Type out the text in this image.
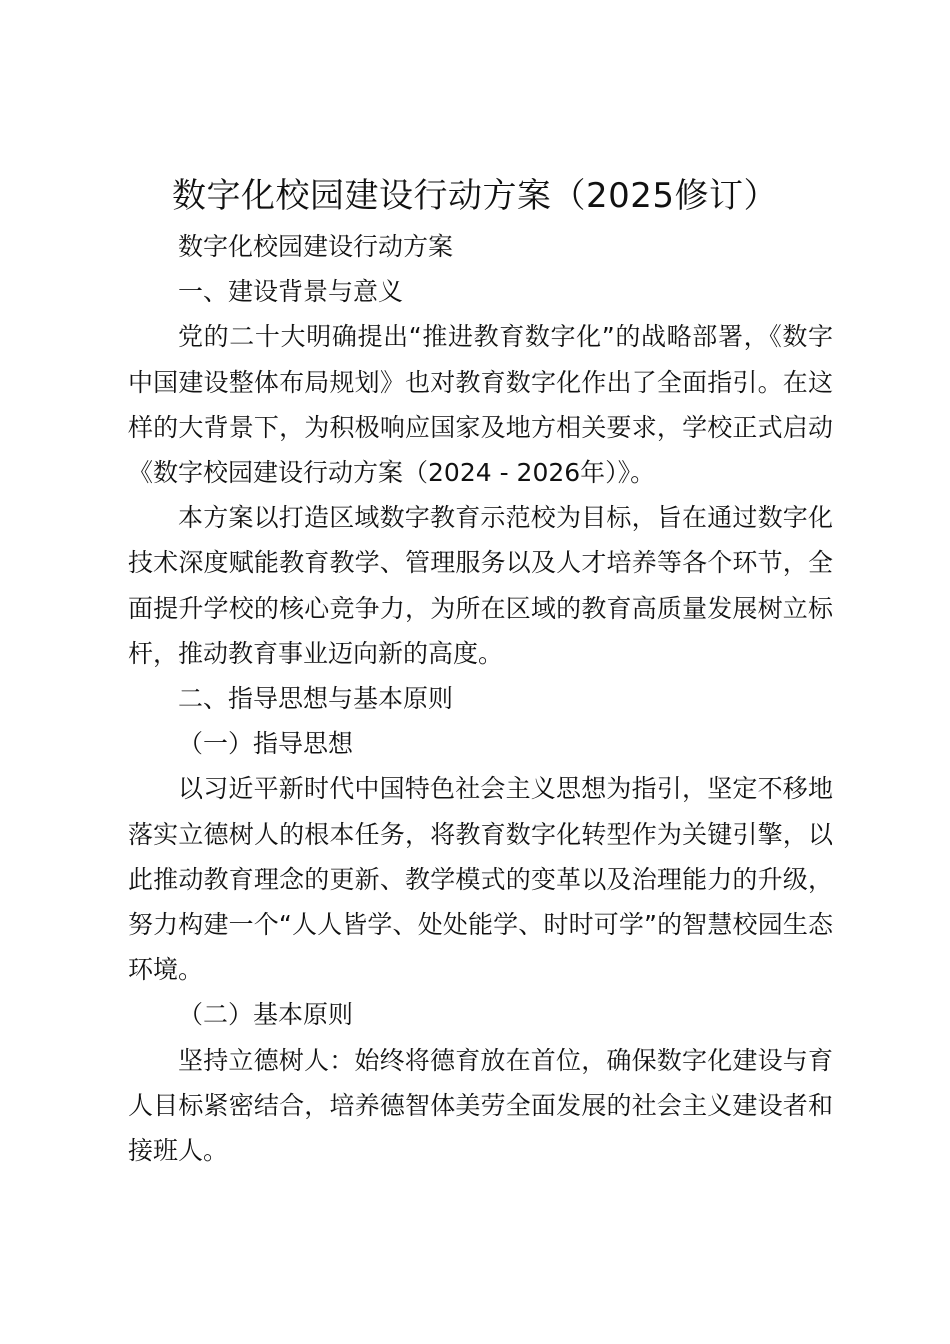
数字化校园建设行动方案（2025修订）

数字化校园建设行动方案

一、建设背景与意义

党的二十大明确提出“推进教育数字化”的战略部署，《数字中国建设整体布局规划》也对教育数字化作出了全面指引。在这样的大背景下，为积极响应国家及地方相关要求，学校正式启动《数字校园建设行动方案（2024 - 2026年）》。

本方案以打造区域数字教育示范校为目标，旨在通过数字化技术深度赋能教育教学、管理服务以及人才培养等各个环节，全面提升学校的核心竞争力，为所在区域的教育高质量发展树立标杆，推动教育事业迈向新的高度。

二、指导思想与基本原则

（一）指导思想

以习近平新时代中国特色社会主义思想为指引，坚定不移地落实立德树人的根本任务，将教育数字化转型作为关键引擎，以此推动教育理念的更新、教学模式的变革以及治理能力的升级，努力构建一个“人人皆学、处处能学、时时可学”的智慧校园生态环境。

（二）基本原则

坚持立德树人：始终将德育放在首位，确保数字化建设与育人目标紧密结合，培养德智体美劳全面发展的社会主义建设者和接班人。
